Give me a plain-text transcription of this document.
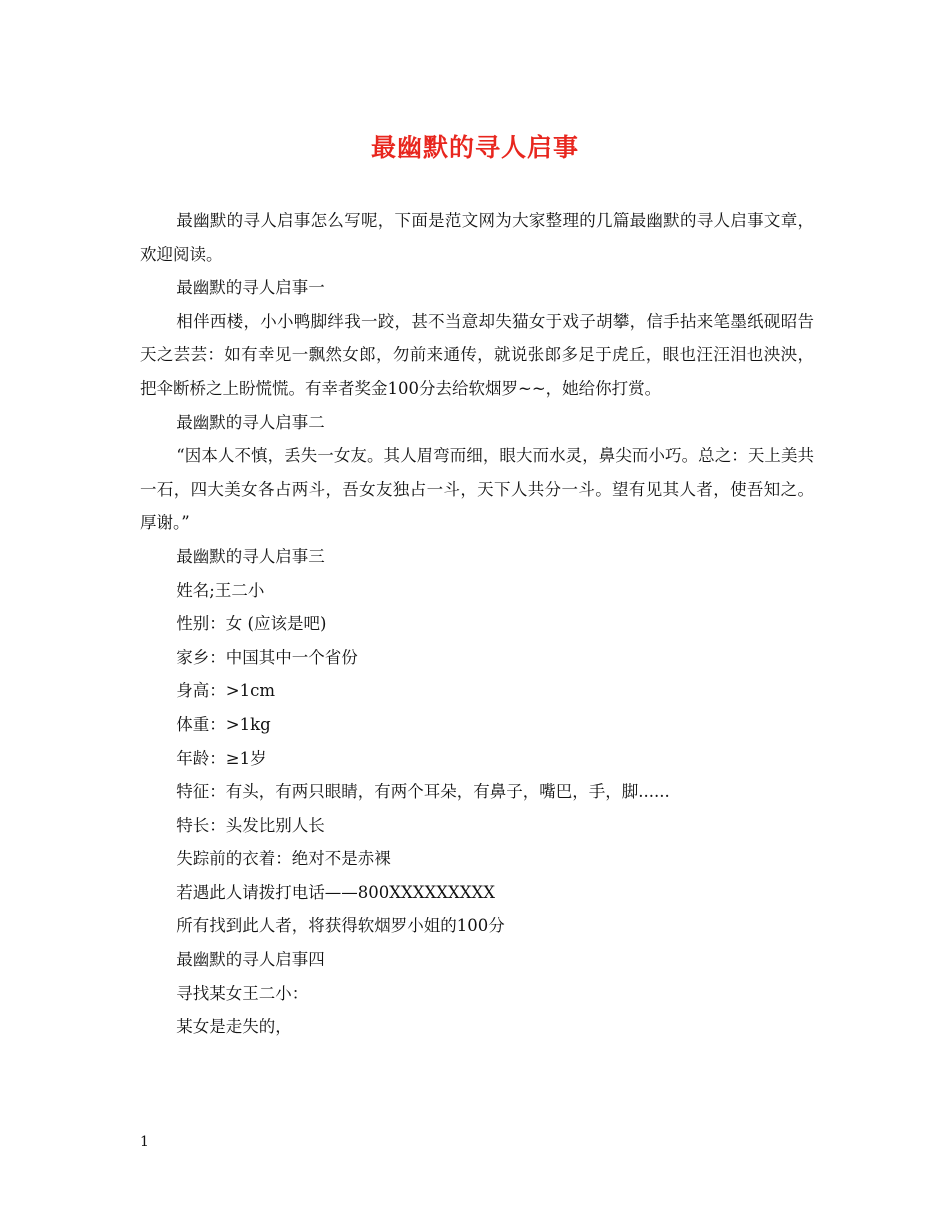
最幽默的寻人启事

最幽默的寻人启事怎么写呢，下面是范文网为大家整理的几篇最幽默的寻人启事文章，欢迎阅读。

最幽默的寻人启事一

相伴西楼，小小鸭脚绊我一跤，甚不当意却失猫女于戏子胡攀，信手拈来笔墨纸砚昭告天之芸芸：如有幸见一飘然女郎，勿前来通传，就说张郎多足于虎丘，眼也汪汪泪也泱泱，把伞断桥之上盼慌慌。有幸者奖金100分去给软烟罗~~，她给你打赏。

最幽默的寻人启事二

“因本人不慎，丢失一女友。其人眉弯而细，眼大而水灵，鼻尖而小巧。总之：天上美共一石，四大美女各占两斗，吾女友独占一斗，天下人共分一斗。望有见其人者，使吾知之。厚谢。”

最幽默的寻人启事三

姓名;王二小

性别：女 (应该是吧)

家乡：中国其中一个省份

身高：>1cm

体重：>1kg

年龄：≥1岁

特征：有头，有两只眼睛，有两个耳朵，有鼻子，嘴巴，手，脚......

特长：头发比别人长

失踪前的衣着：绝对不是赤裸

若遇此人请拨打电话——800XXXXXXXXX

所有找到此人者，将获得软烟罗小姐的100分

最幽默的寻人启事四

寻找某女王二小：

某女是走失的，

1
